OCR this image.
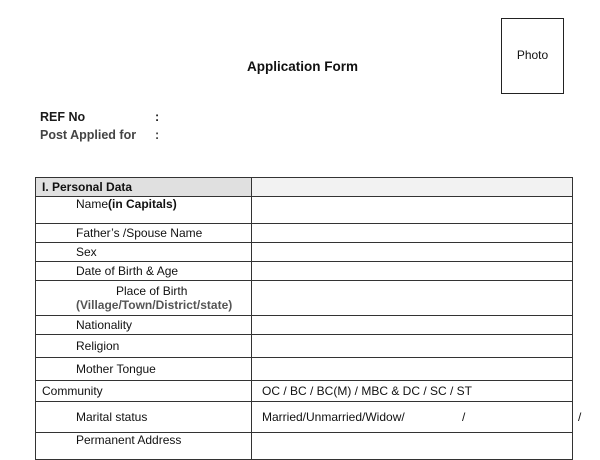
Photo
Application Form
REF No	:
Post Applied for :
I. Personal Data	
Name(in Capitals)	
Father’s /Spouse Name	
Sex	
Date of Birth & Age	

Place of Birth
(Village/Town/District/state)	

Nationality	
Religion	
Mother Tongue	
Community	OC / BC / BC(M) / MBC & DC / SC / ST
Marital status	Married/Unmarried/Widow/ / /

Permanent Address	
